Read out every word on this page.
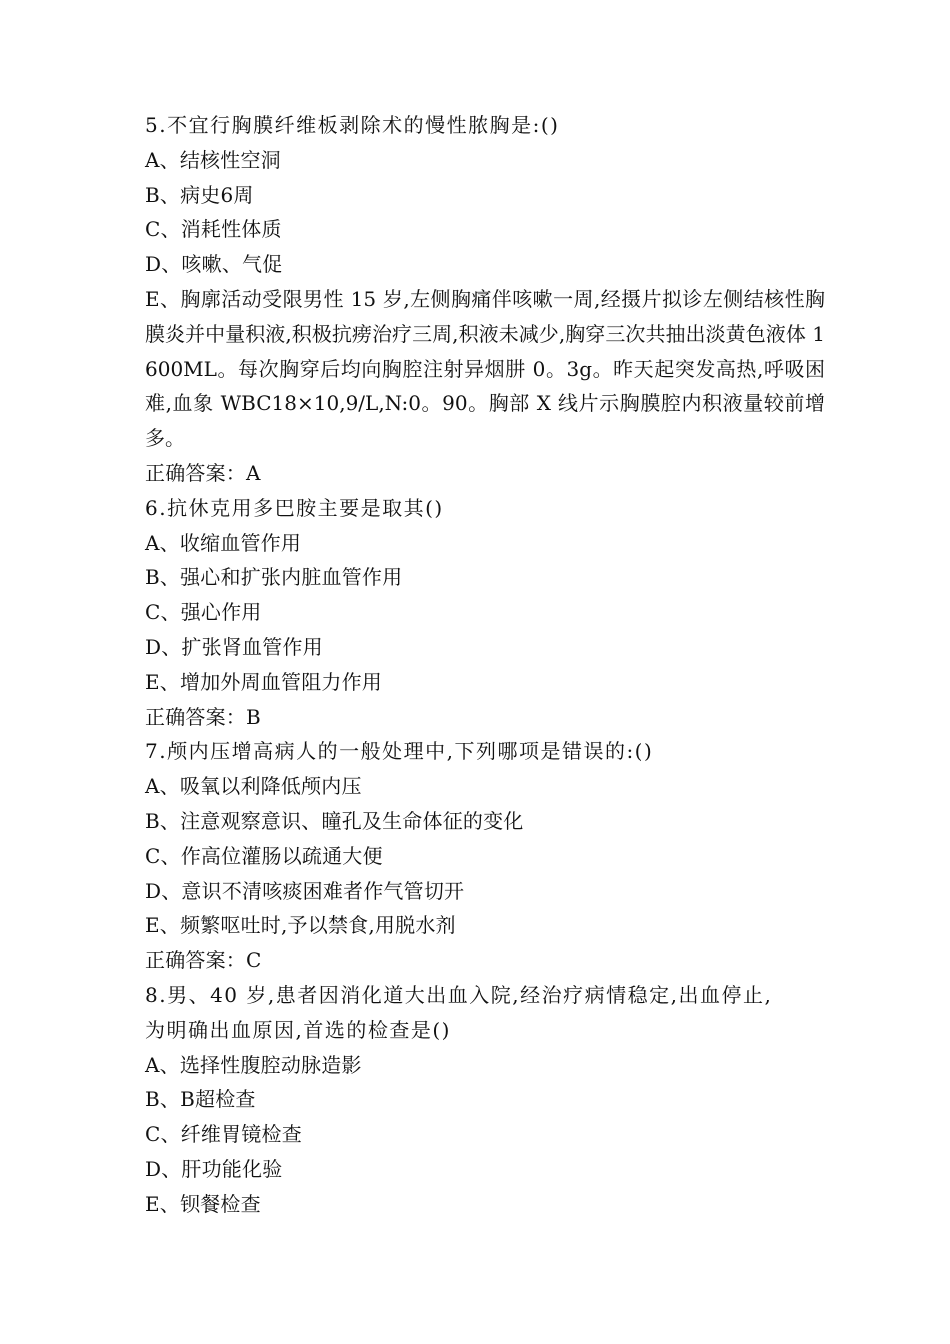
5.不宜行胸膜纤维板剥除术的慢性脓胸是:()
A、结核性空洞
B、病史6周
C、消耗性体质
D、咳嗽、气促
E、胸廓活动受限男性 15 岁,左侧胸痛伴咳嗽一周,经摄片拟诊左侧结核性胸膜炎并中量积液,积极抗痨治疗三周,积液未减少,胸穿三次共抽出淡黄色液体 1600ML。每次胸穿后均向胸腔注射异烟肼 0。3g。昨天起突发高热,呼吸困难,血象 WBC18×10,9/L,N:0。90。胸部 X 线片示胸膜腔内积液量较前增多。
正确答案：A
6.抗休克用多巴胺主要是取其()
A、收缩血管作用
B、强心和扩张内脏血管作用
C、强心作用
D、扩张肾血管作用
E、增加外周血管阻力作用
正确答案：B
7.颅内压增高病人的一般处理中,下列哪项是错误的:()
A、吸氧以利降低颅内压
B、注意观察意识、瞳孔及生命体征的变化
C、作高位灌肠以疏通大便
D、意识不清咳痰困难者作气管切开
E、频繁呕吐时,予以禁食,用脱水剂
正确答案：C
8.男、40 岁,患者因消化道大出血入院,经治疗病情稳定,出血停止,
为明确出血原因,首选的检查是()
A、选择性腹腔动脉造影
B、B超检查
C、纤维胃镜检查
D、肝功能化验
E、钡餐检查
